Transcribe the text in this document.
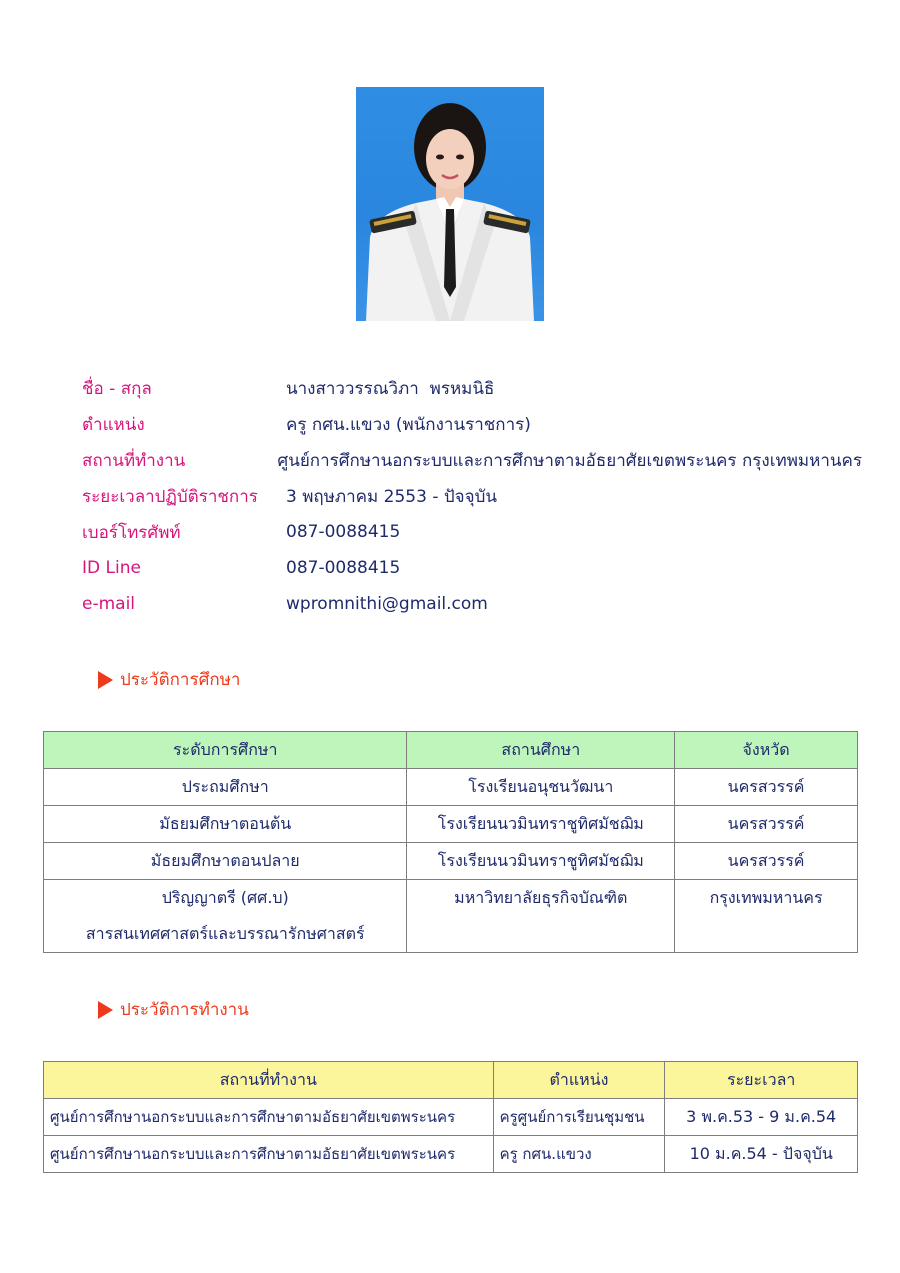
ชื่อ - สกุล	นางสาววรรณวิภา  พรหมนิธิ
ตำแหน่ง	ครู กศน.แขวง (พนักงานราชการ)
สถานที่ทำงาน	ศูนย์การศึกษานอกระบบและการศึกษาตามอัธยาศัยเขตพระนคร กรุงเทพมหานคร
ระยะเวลาปฏิบัติราชการ	3 พฤษภาคม 2553 - ปัจจุบัน
เบอร์โทรศัพท์	087-0088415
ID Line	087-0088415
e-mail	wpromnithi@gmail.com
ประวัติการศึกษา
ระดับการศึกษา	สถานศึกษา	จังหวัด
ประถมศึกษา	โรงเรียนอนุชนวัฒนา	นครสวรรค์
มัธยมศึกษาตอนต้น	โรงเรียนนวมินทราชูทิศมัชฌิม	นครสวรรค์
มัธยมศึกษาตอนปลาย	โรงเรียนนวมินทราชูทิศมัชฌิม	นครสวรรค์

ปริญญาตรี (ศศ.บ)
สารสนเทศศาสตร์และบรรณารักษศาสตร์	มหาวิทยาลัยธุรกิจบัณฑิต	กรุงเทพมหานคร
ประวัติการทำงาน
สถานที่ทำงาน	ตำแหน่ง	ระยะเวลา
ศูนย์การศึกษานอกระบบและการศึกษาตามอัธยาศัยเขตพระนคร	ครูศูนย์การเรียนชุมชน	3 พ.ค.53 - 9 ม.ค.54
ศูนย์การศึกษานอกระบบและการศึกษาตามอัธยาศัยเขตพระนคร	ครู กศน.แขวง	10 ม.ค.54 - ปัจจุบัน
